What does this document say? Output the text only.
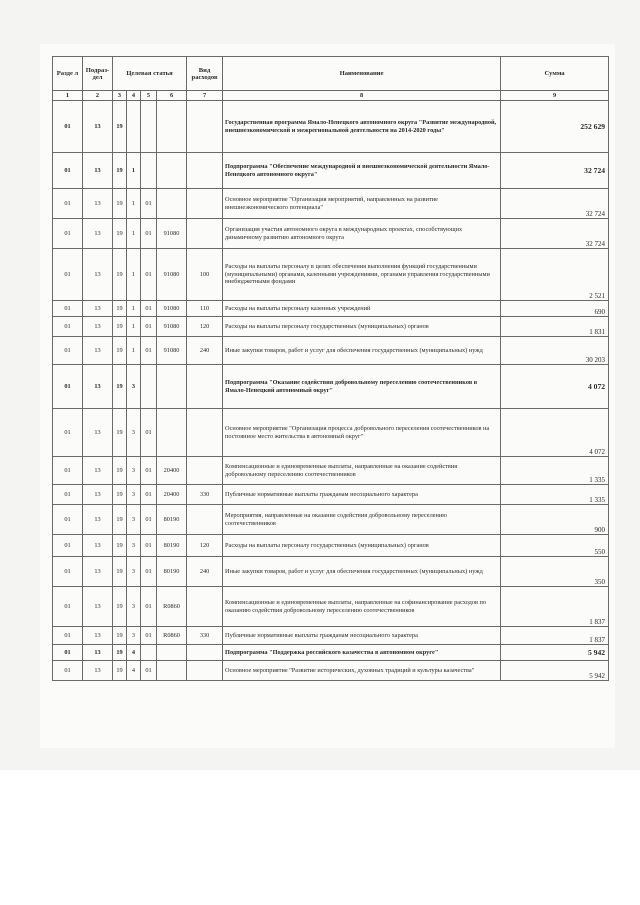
Разде л	Подраз- дел	Целевая статья				Вид расходов	Наименование	Сумма
1	2	3	4	5	6	7	8	9
01	13	19					Государственная программа Ямало-Ненецкого автономного округа "Развитие международной, внешнеэкономической и межрегиональной деятельности на 2014-2020 годы"	252 629
01	13	19	1				Подпрограмма "Обеспечение международной и внешнеэкономической деятельности Ямало-Ненецкого автономного округа"	32 724
01	13	19	1	01			Основное мероприятие "Организация мероприятий, направленных на развитие внешнеэкономического потенциала"	32 724
01	13	19	1	01	91080		Организация участия автономного округа в международных проектах, способствующих динамичному развитию автономного округа	32 724
01	13	19	1	01	91080	100	Расходы на выплаты персоналу в целях обеспечения выполнения функций государственными (муниципальными) органами, казенными учреждениями, органами управления государственными внебюджетными фондами	2 521
01	13	19	1	01	91080	110	Расходы на выплаты персоналу казенных учреждений	690
01	13	19	1	01	91080	120	Расходы на выплаты персоналу государственных (муниципальных) органов	1 831
01	13	19	1	01	91080	240	Иные закупки товаров, работ и услуг для обеспечения государственных (муниципальных) нужд	30 203
01	13	19	3				Подпрограмма "Оказание содействия добровольному переселению соотечественников в Ямало-Ненецкий автономный округ"	4 072
01	13	19	3	01			Основное мероприятие "Организация процесса добровольного переселения соотечественников на постоянное место жительства в автономный округ"	4 072
01	13	19	3	01	20400		Компенсационные и единовременные выплаты, направленные на оказание содействия добровольному переселению соотечественников	1 335
01	13	19	3	01	20400	330	Публичные нормативные выплаты гражданам несоциального характера	1 335
01	13	19	3	01	80190		Мероприятия, направленные на оказание содействия добровольному переселению соотечественников	900
01	13	19	3	01	80190	120	Расходы на выплаты персоналу государственных (муниципальных) органов	550
01	13	19	3	01	80190	240	Иные закупки товаров, работ и услуг для обеспечения государственных (муниципальных) нужд	350
01	13	19	3	01	R0860		Компенсационные и единовременные выплаты, направленные на софинансирование расходов по оказанию содействия добровольному переселению соотечественников	1 837
01	13	19	3	01	R0860	330	Публичные нормативные выплаты гражданам несоциального характера	1 837
01	13	19	4				Подпрограмма "Поддержка российского казачества в автономном округе"	5 942
01	13	19	4	01			Основное мероприятие "Развитие исторических, духовных традиций и культуры казачества"	5 942
